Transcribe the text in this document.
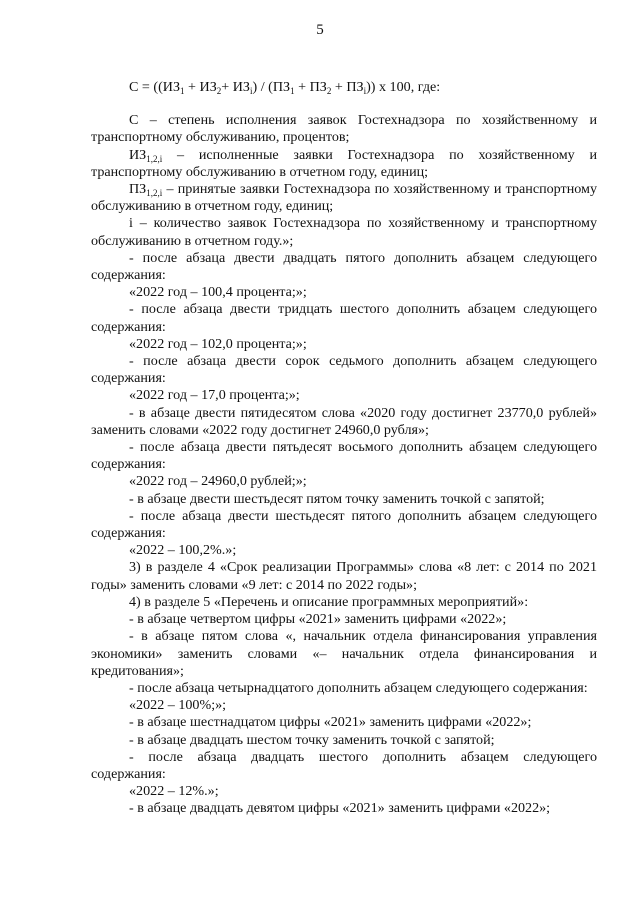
5
$С = ((ИЗ_1 + ИЗ_2+ ИЗ_i) / (ПЗ_1 + ПЗ_2 + ПЗ_i))$ х 100, где:

С – степень исполнения заявок Гостехнадзора по хозяйственному и транспортному обслуживанию, процентов;

$ИЗ_{1,2,i}$ – исполненные заявки Гостехнадзора по хозяйственному и транспортному обслуживанию в отчетном году, единиц;

$ПЗ_{1,2,i}$ – принятые заявки Гостехнадзора по хозяйственному и транспортному обслуживанию в отчетном году, единиц;

i – количество заявок Гостехнадзора по хозяйственному и транспортному обслуживанию в отчетном году.»;

- после абзаца двести двадцать пятого дополнить абзацем следующего содержания:

«2022 год – 100,4 процента;»;

- после абзаца двести тридцать шестого дополнить абзацем следующего содержания:

«2022 год – 102,0 процента;»;

- после абзаца двести сорок седьмого дополнить абзацем следующего содержания:

«2022 год – 17,0 процента;»;

- в абзаце двести пятидесятом слова «2020 году достигнет 23770,0 рублей» заменить словами «2022 году достигнет 24960,0 рубля»;

- после абзаца двести пятьдесят восьмого дополнить абзацем следующего содержания:

«2022 год – 24960,0 рублей;»;

- в абзаце двести шестьдесят пятом точку заменить точкой с запятой;

- после абзаца двести шестьдесят пятого дополнить абзацем следующего содержания:

«2022 – 100,2%.»;

3) в разделе 4 «Срок реализации Программы» слова «8 лет: с 2014 по 2021 годы» заменить словами «9 лет: с 2014 по 2022 годы»;

4) в разделе 5 «Перечень и описание программных мероприятий»:

- в абзаце четвертом цифры «2021» заменить цифрами «2022»;

- в абзаце пятом слова «, начальник отдела финансирования управления экономики» заменить словами «– начальник отдела финансирования и кредитования»;

- после абзаца четырнадцатого дополнить абзацем следующего содержания:

«2022 – 100%;»;

- в абзаце шестнадцатом цифры «2021» заменить цифрами «2022»;

- в абзаце двадцать шестом точку заменить точкой с запятой;

- после абзаца двадцать шестого дополнить абзацем следующего содержания:

«2022 – 12%.»;

- в абзаце двадцать девятом цифры «2021» заменить цифрами «2022»;
